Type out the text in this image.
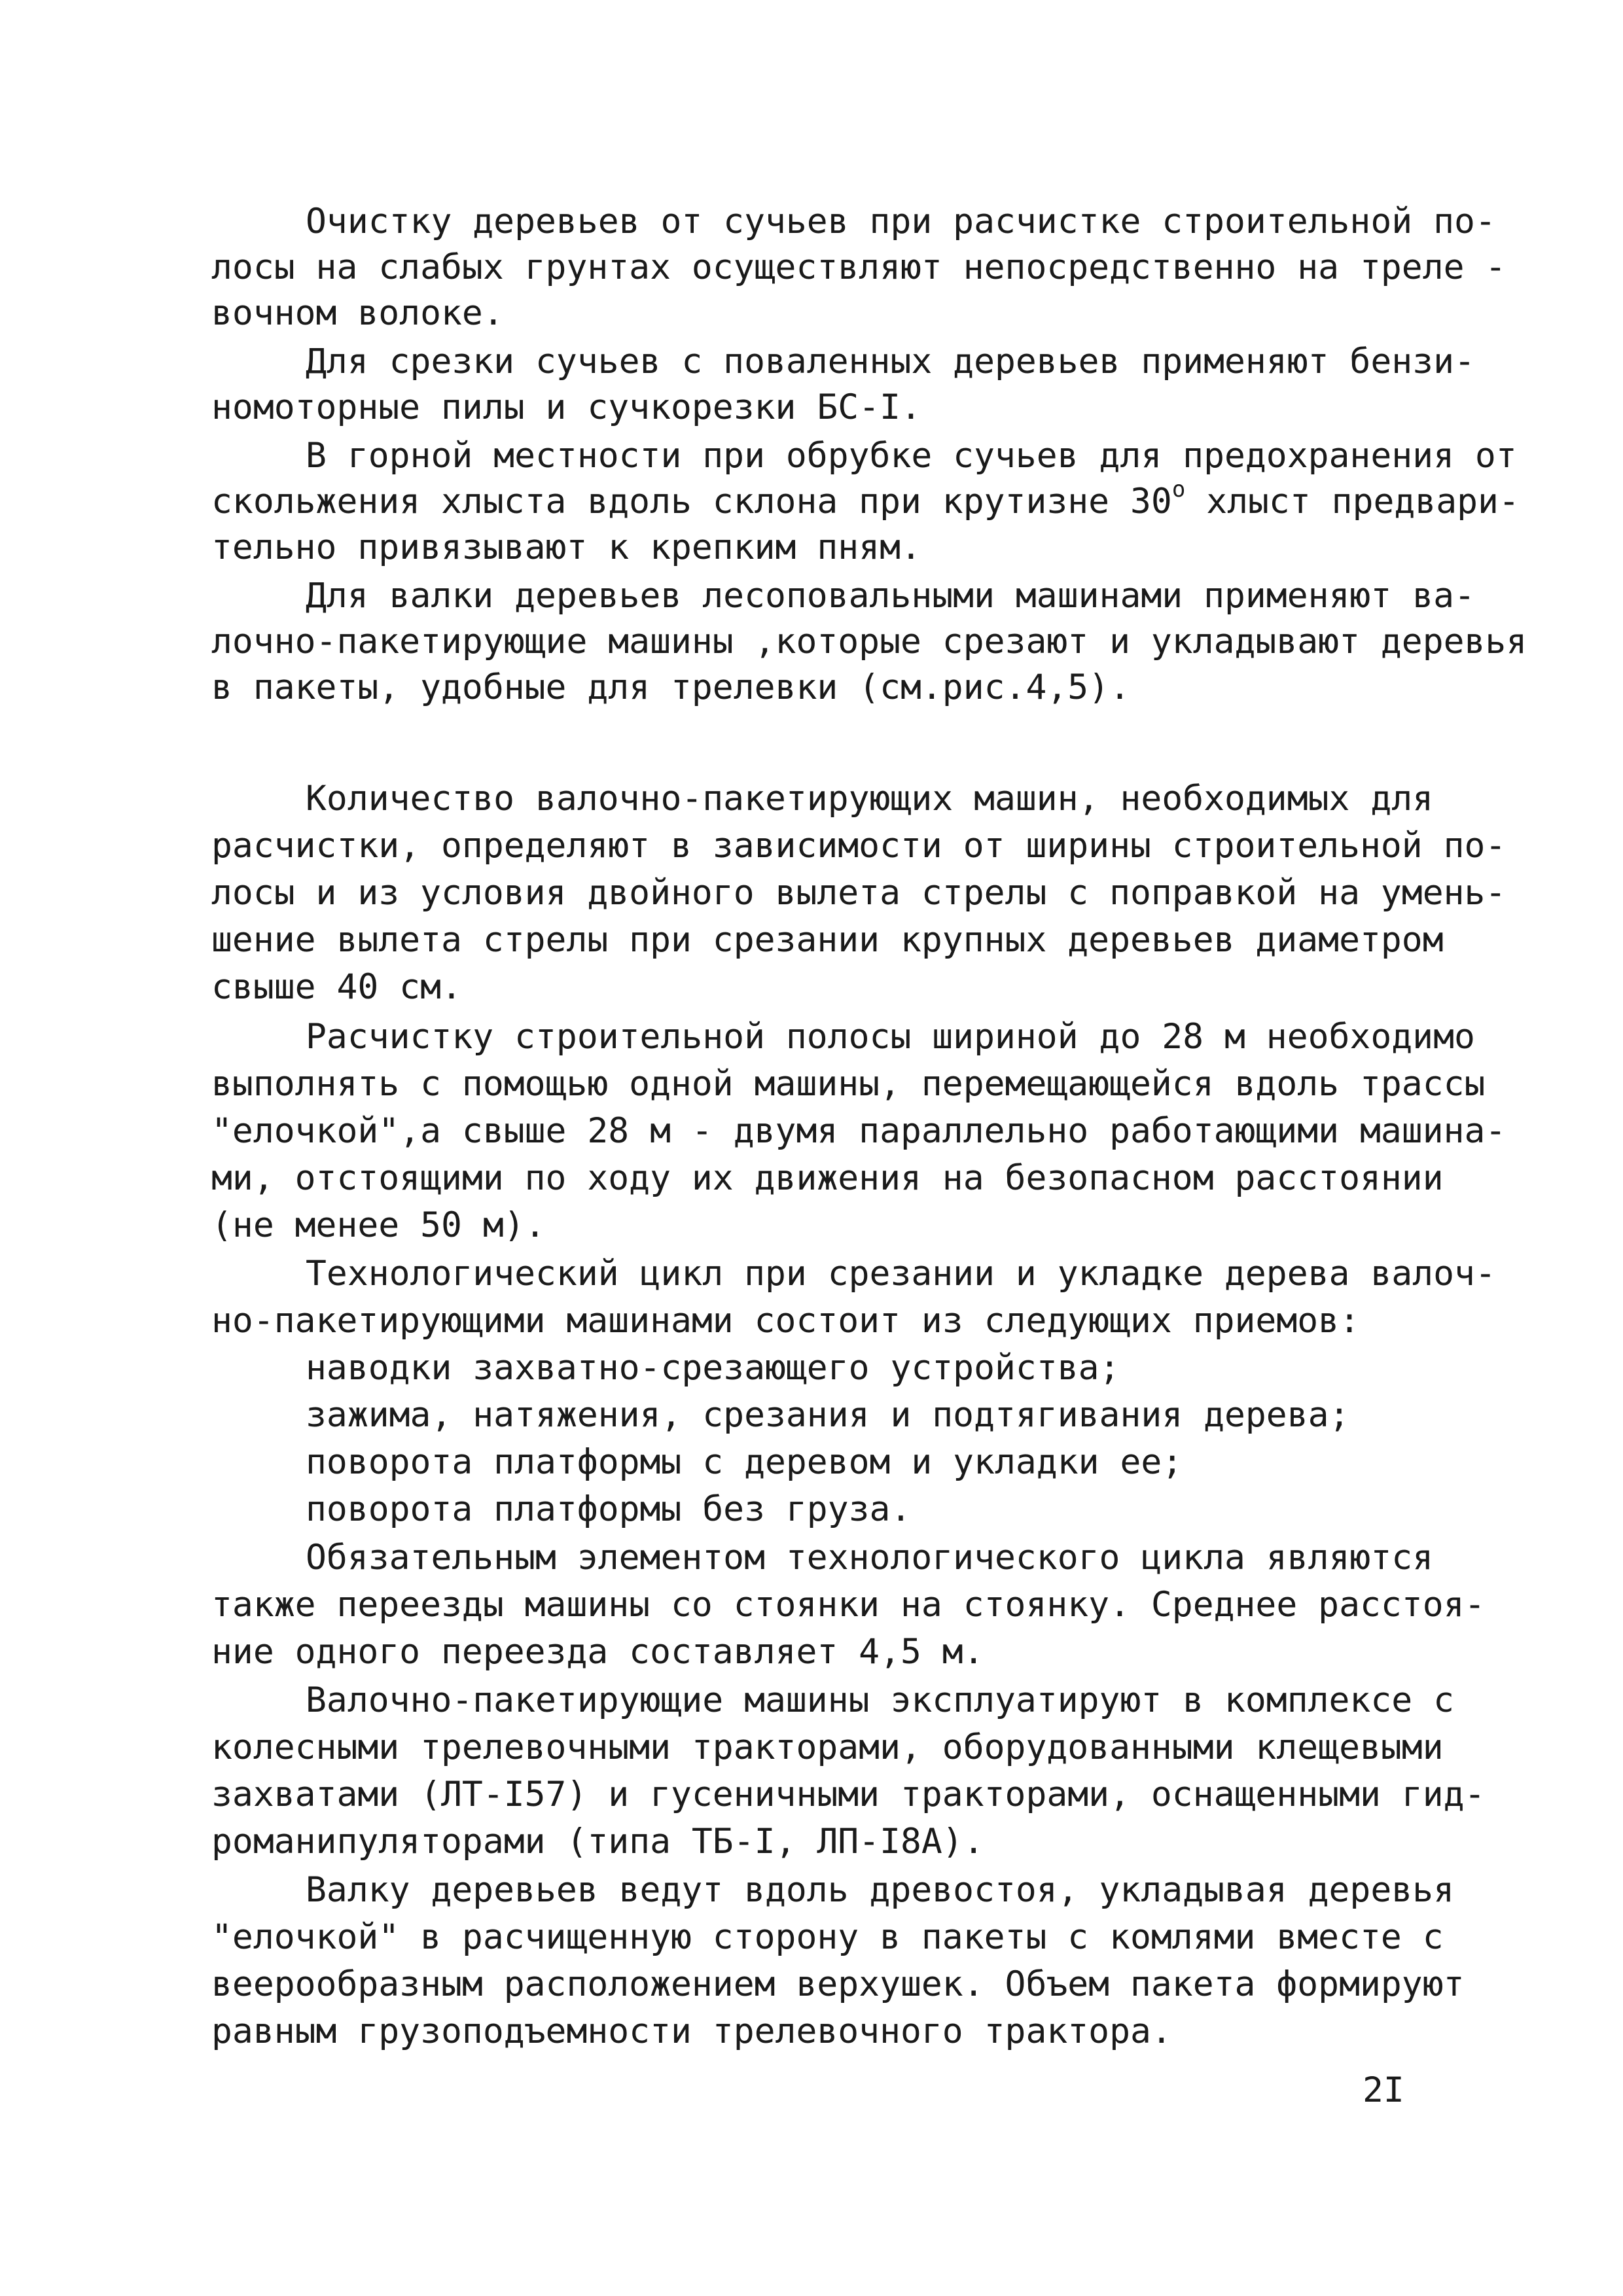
Очистку деревьев от сучьев при расчистке строительной по-
лосы на слабых грунтах осуществляют непосредственно на треле -
вочном волоке.
Для срезки сучьев с поваленных деревьев применяют бензи-
номоторные пилы и сучкорезки БС-I.
В горной местности при обрубке сучьев для предохранения от
скольжения хлыста вдоль склона при крутизне 30$^o$ хлыст предвари-
тельно привязывают к крепким пням.
Для валки деревьев лесоповальными машинами применяют ва-
лочно-пакетирующие машины ,которые срезают и укладывают деревья
в пакеты, удобные для трелевки (см.рис.4,5).
Количество валочно-пакетирующих машин, необходимых для
расчистки, определяют в зависимости от ширины строительной по-
лосы и из условия двойного вылета стрелы с поправкой на умень-
шение вылета стрелы при срезании крупных деревьев диаметром
свыше 40 см.
Расчистку строительной полосы шириной до 28 м необходимо
выполнять с помощью одной машины, перемещающейся вдоль трассы
"елочкой",а свыше 28 м - двумя параллельно работающими машина-
ми, отстоящими по ходу их движения на безопасном расстоянии
(не менее 50 м).
Технологический цикл при срезании и укладке дерева валоч-
но-пакетирующими машинами состоит из следующих приемов:
наводки захватно-срезающего устройства;
зажима, натяжения, срезания и подтягивания дерева;
поворота платформы с деревом и укладки ее;
поворота платформы без груза.
Обязательным элементом технологического цикла являются
также переезды машины со стоянки на стоянку. Среднее расстоя-
ние одного переезда составляет 4,5 м.
Валочно-пакетирующие машины эксплуатируют в комплексе с
колесными трелевочными тракторами, оборудованными клещевыми
захватами (ЛТ-I57) и гусеничными тракторами, оснащенными гид-
романипуляторами (типа ТБ-I, ЛП-I8А).
Валку деревьев ведут вдоль древостоя, укладывая деревья
"елочкой" в расчищенную сторону в пакеты с комлями вместе с
веерообразным расположением верхушек. Объем пакета формируют
равным грузоподъемности трелевочного трактора.
2I
